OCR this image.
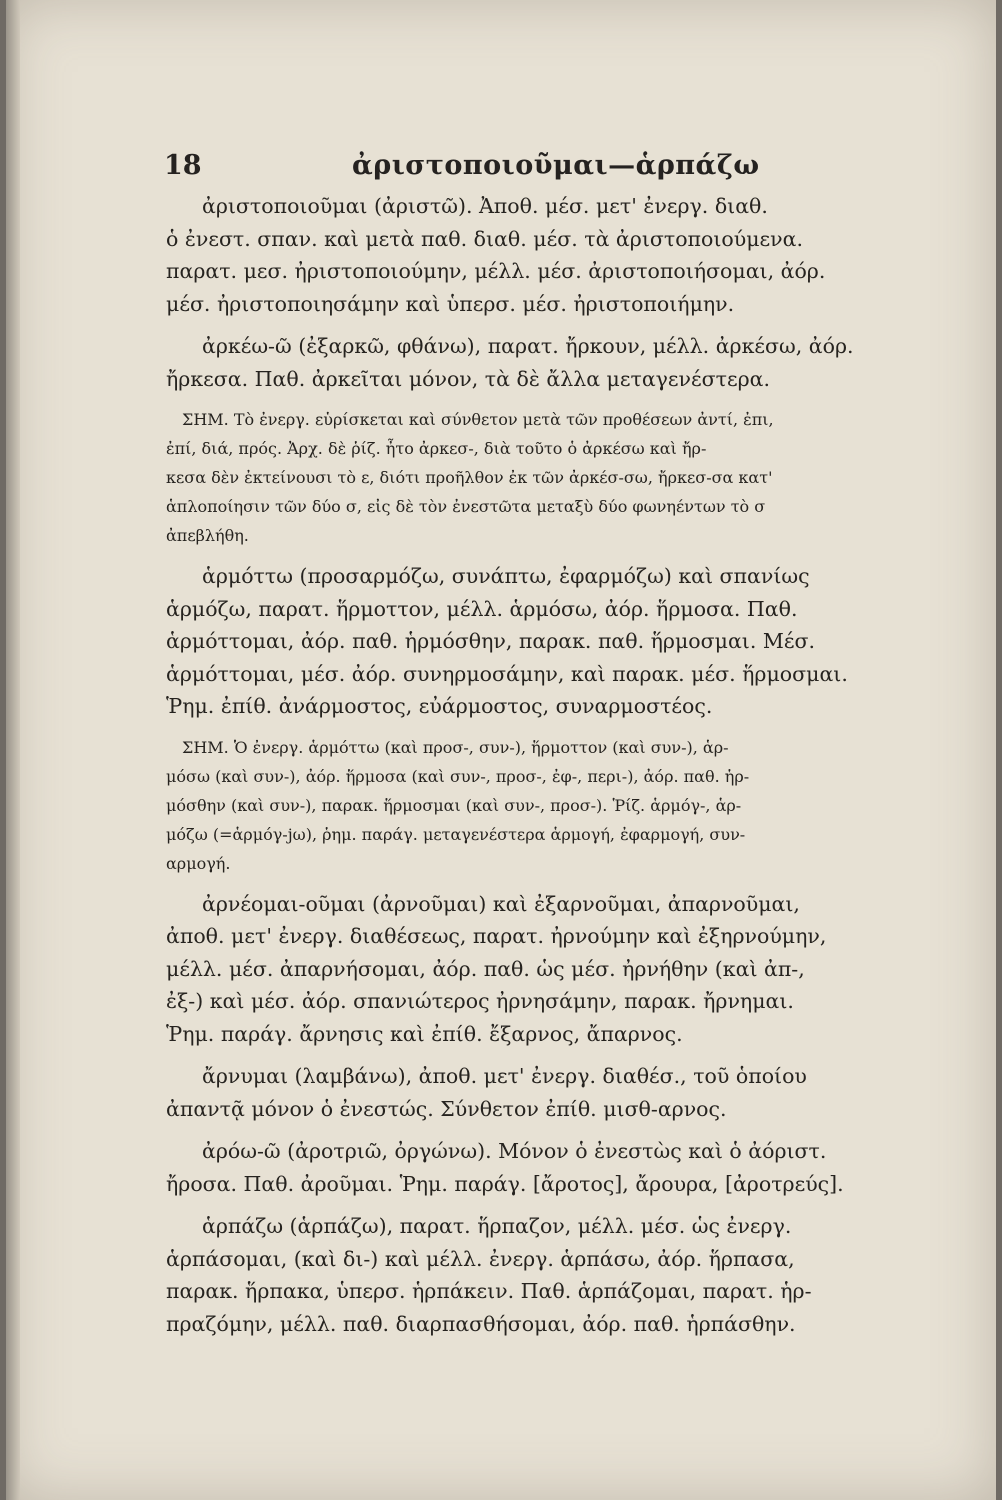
18	ἀριστοποιοῦμαι—ἁρπάζω
ἀριστοποιοῦμαι (ἀριστῶ). Ἀποθ. μέσ. μετ' ἐνεργ. διαθ.
ὁ ἐνεστ. σπαν. καὶ μετὰ παθ. διαθ. μέσ. τὰ ἀριστοποιούμενα.
παρατ. μεσ. ἠριστοποιούμην, μέλλ. μέσ. ἀριστοποιήσομαι, ἀόρ.
μέσ. ἠριστοποιησάμην καὶ ὑπερσ. μέσ. ἠριστοποιήμην.
ἀρκέω-ῶ (ἐξαρκῶ, φθάνω), παρατ. ἤρκουν, μέλλ. ἀρκέσω, ἀόρ.
ἤρκεσα. Παθ. ἀρκεῖται μόνον, τὰ δὲ ἄλλα μεταγενέστερα.
ΣΗΜ. Τὸ ἐνεργ. εὑρίσκεται καὶ σύνθετον μετὰ τῶν προθέσεων ἀντί, ἐπι,
ἐπί, διά, πρός. Ἀρχ. δὲ ῥίζ. ἦτο ἀρκεσ-, διὰ τοῦτο ὁ ἀρκέσω καὶ ἤρ-
κεσα δὲν ἐκτείνουσι τὸ ε, διότι προῆλθον ἐκ τῶν ἀρκέσ-σω, ἤρκεσ-σα κατ'
ἁπλοποίησιν τῶν δύο σ, εἰς δὲ τὸν ἐνεστῶτα μεταξὺ δύο φωνηέντων τὸ σ
ἀπεβλήθη.
ἁρμόττω (προσαρμόζω, συνάπτω, ἐφαρμόζω) καὶ σπανίως
ἁρμόζω, παρατ. ἥρμοττον, μέλλ. ἁρμόσω, ἀόρ. ἥρμοσα. Παθ.
ἁρμόττομαι, ἀόρ. παθ. ἡρμόσθην, παρακ. παθ. ἥρμοσμαι. Μέσ.
ἁρμόττομαι, μέσ. ἀόρ. συνηρμοσάμην, καὶ παρακ. μέσ. ἥρμοσμαι.
Ῥημ. ἐπίθ. ἀνάρμοστος, εὐάρμοστος, συναρμοστέος.
ΣΗΜ. Ὁ ἐνεργ. ἁρμόττω (καὶ προσ-, συν-), ἥρμοττον (καὶ συν-), ἁρ-
μόσω (καὶ συν-), ἀόρ. ἥρμοσα (καὶ συν-, προσ-, ἐφ-, περι-), ἀόρ. παθ. ἡρ-
μόσθην (καὶ συν-), παρακ. ἥρμοσμαι (καὶ συν-, προσ-). Ῥίζ. ἁρμόγ-, ἁρ-
μόζω (=ἁρμόγ-jω), ῥημ. παράγ. μεταγενέστερα ἁρμογή, ἐφαρμογή, συν-
αρμογή.
ἀρνέομαι-οῦμαι (ἀρνοῦμαι) καὶ ἐξαρνοῦμαι, ἀπαρνοῦμαι,
ἀποθ. μετ' ἐνεργ. διαθέσεως, παρατ. ἠρνούμην καὶ ἐξηρνούμην,
μέλλ. μέσ. ἀπαρνήσομαι, ἀόρ. παθ. ὡς μέσ. ἠρνήθην (καὶ ἀπ-,
ἐξ-) καὶ μέσ. ἀόρ. σπανιώτερος ἠρνησάμην, παρακ. ἤρνημαι.
Ῥημ. παράγ. ἄρνησις καὶ ἐπίθ. ἔξαρνος, ἄπαρνος.
ἄρνυμαι (λαμβάνω), ἀποθ. μετ' ἐνεργ. διαθέσ., τοῦ ὁποίου
ἀπαντᾷ μόνον ὁ ἐνεστώς. Σύνθετον ἐπίθ. μισθ-αρνος.
ἀρόω-ῶ (ἀροτριῶ, ὀργώνω). Μόνον ὁ ἐνεστὼς καὶ ὁ ἀόριστ.
ἤροσα. Παθ. ἀροῦμαι. Ῥημ. παράγ. [ἄροτος], ἄρουρα, [ἀροτρεύς].
ἁρπάζω (ἁρπάζω), παρατ. ἥρπαζον, μέλλ. μέσ. ὡς ἐνεργ.
ἁρπάσομαι, (καὶ δι-) καὶ μέλλ. ἐνεργ. ἁρπάσω, ἀόρ. ἥρπασα,
παρακ. ἥρπακα, ὑπερσ. ἡρπάκειν. Παθ. ἁρπάζομαι, παρατ. ἡρ-
πραζόμην, μέλλ. παθ. διαρπασθήσομαι, ἀόρ. παθ. ἡρπάσθην.
